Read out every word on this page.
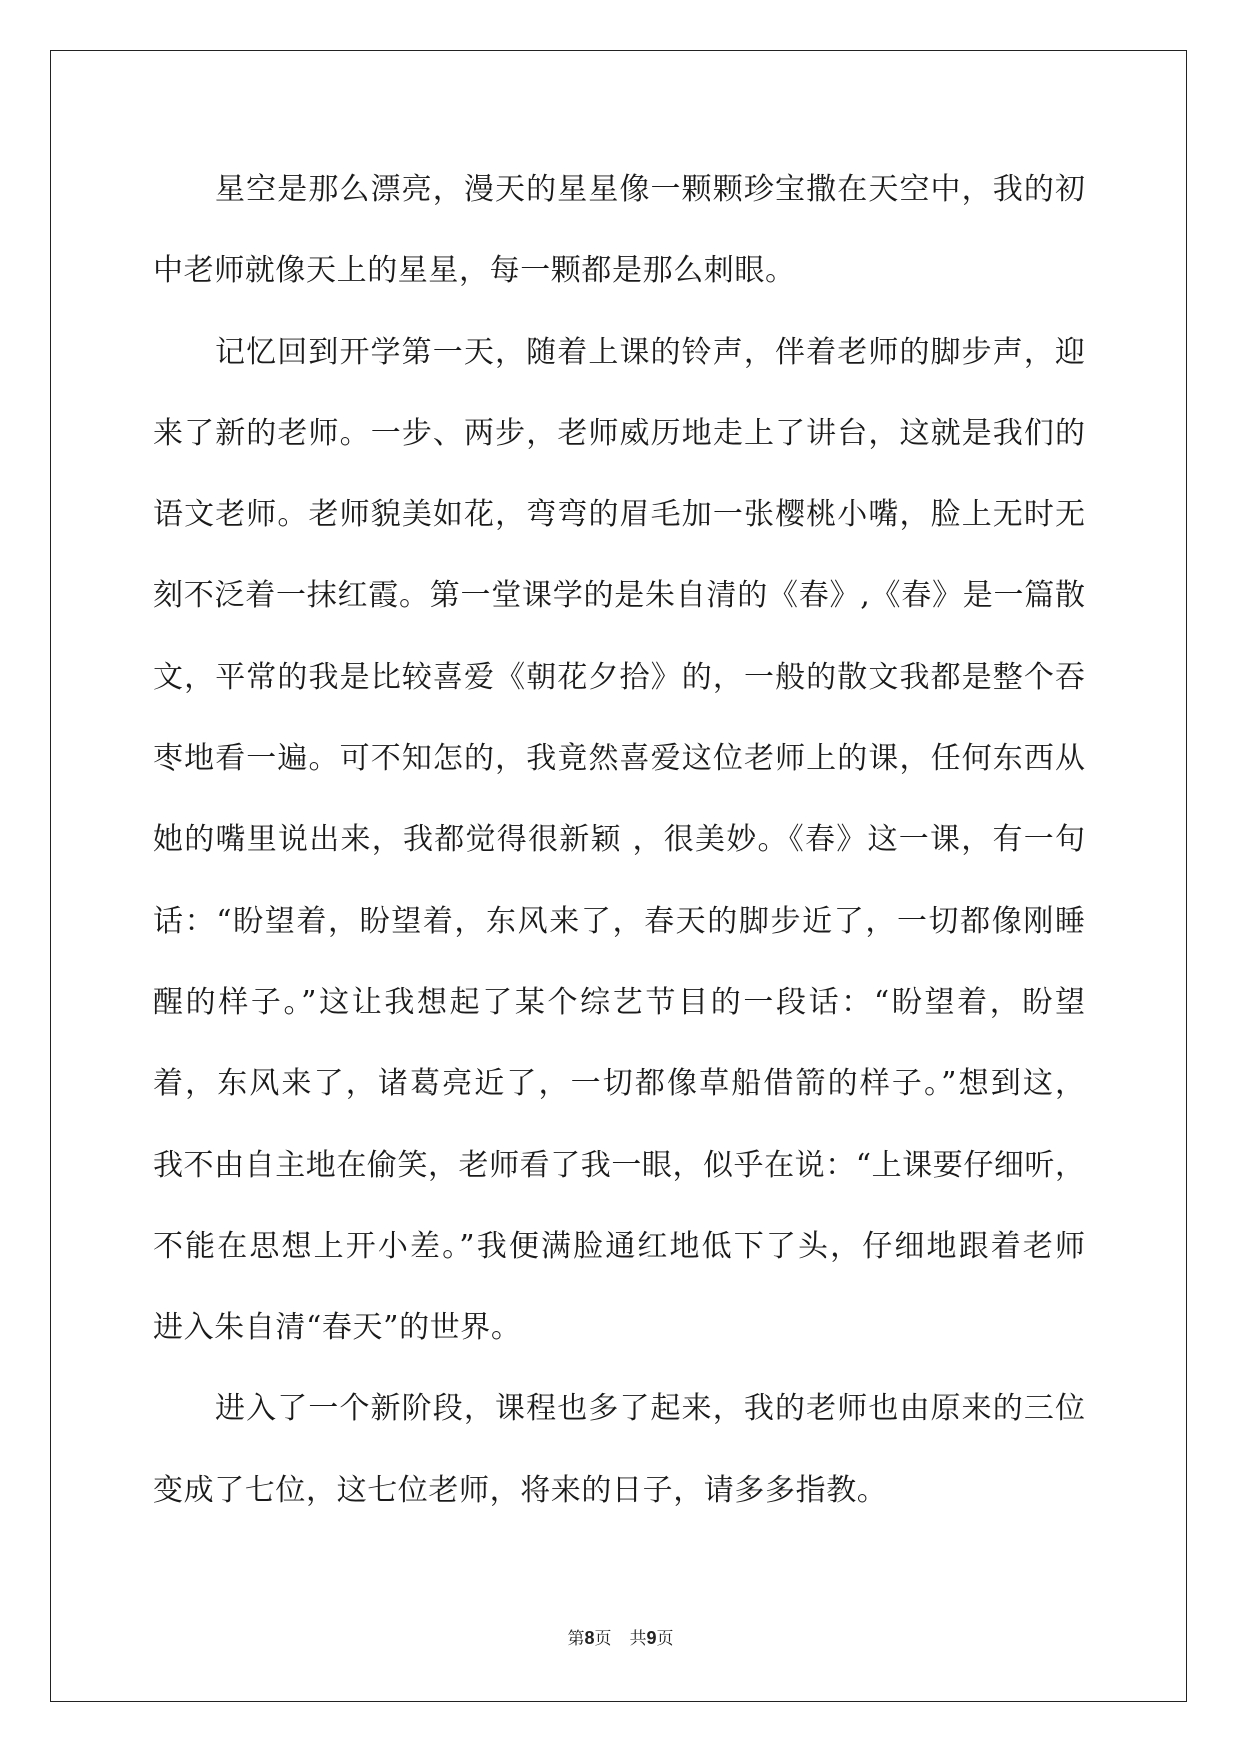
星空是那么漂亮，漫天的星星像一颗颗珍宝撒在天空中，我的初
中老师就像天上的星星，每一颗都是那么刺眼。
记忆回到开学第一天，随着上课的铃声，伴着老师的脚步声，迎
来了新的老师。一步、两步，老师威历地走上了讲台，这就是我们的
语文老师。老师貌美如花，弯弯的眉毛加一张樱桃小嘴，脸上无时无
刻不泛着一抹红霞。第一堂课学的是朱自清的《春》,《春》是一篇散
文，平常的我是比较喜爱《朝花夕拾》的，一般的散文我都是整个吞
枣地看一遍。可不知怎的，我竟然喜爱这位老师上的课，任何东西从
她的嘴里说出来，我都觉得很新颖 ，很美妙。《春》这一课，有一句
话：“盼望着，盼望着，东风来了，春天的脚步近了，一切都像刚睡
醒的样子。”这让我想起了某个综艺节目的一段话：“盼望着，盼望
着，东风来了，诸葛亮近了，一切都像草船借箭的样子。”想到这，
我不由自主地在偷笑，老师看了我一眼，似乎在说：“上课要仔细听，
不能在思想上开小差。”我便满脸通红地低下了头，仔细地跟着老师
进入朱自清“春天”的世界。
进入了一个新阶段，课程也多了起来，我的老师也由原来的三位
变成了七位，这七位老师，将来的日子，请多多指教。
第8页 共9页
